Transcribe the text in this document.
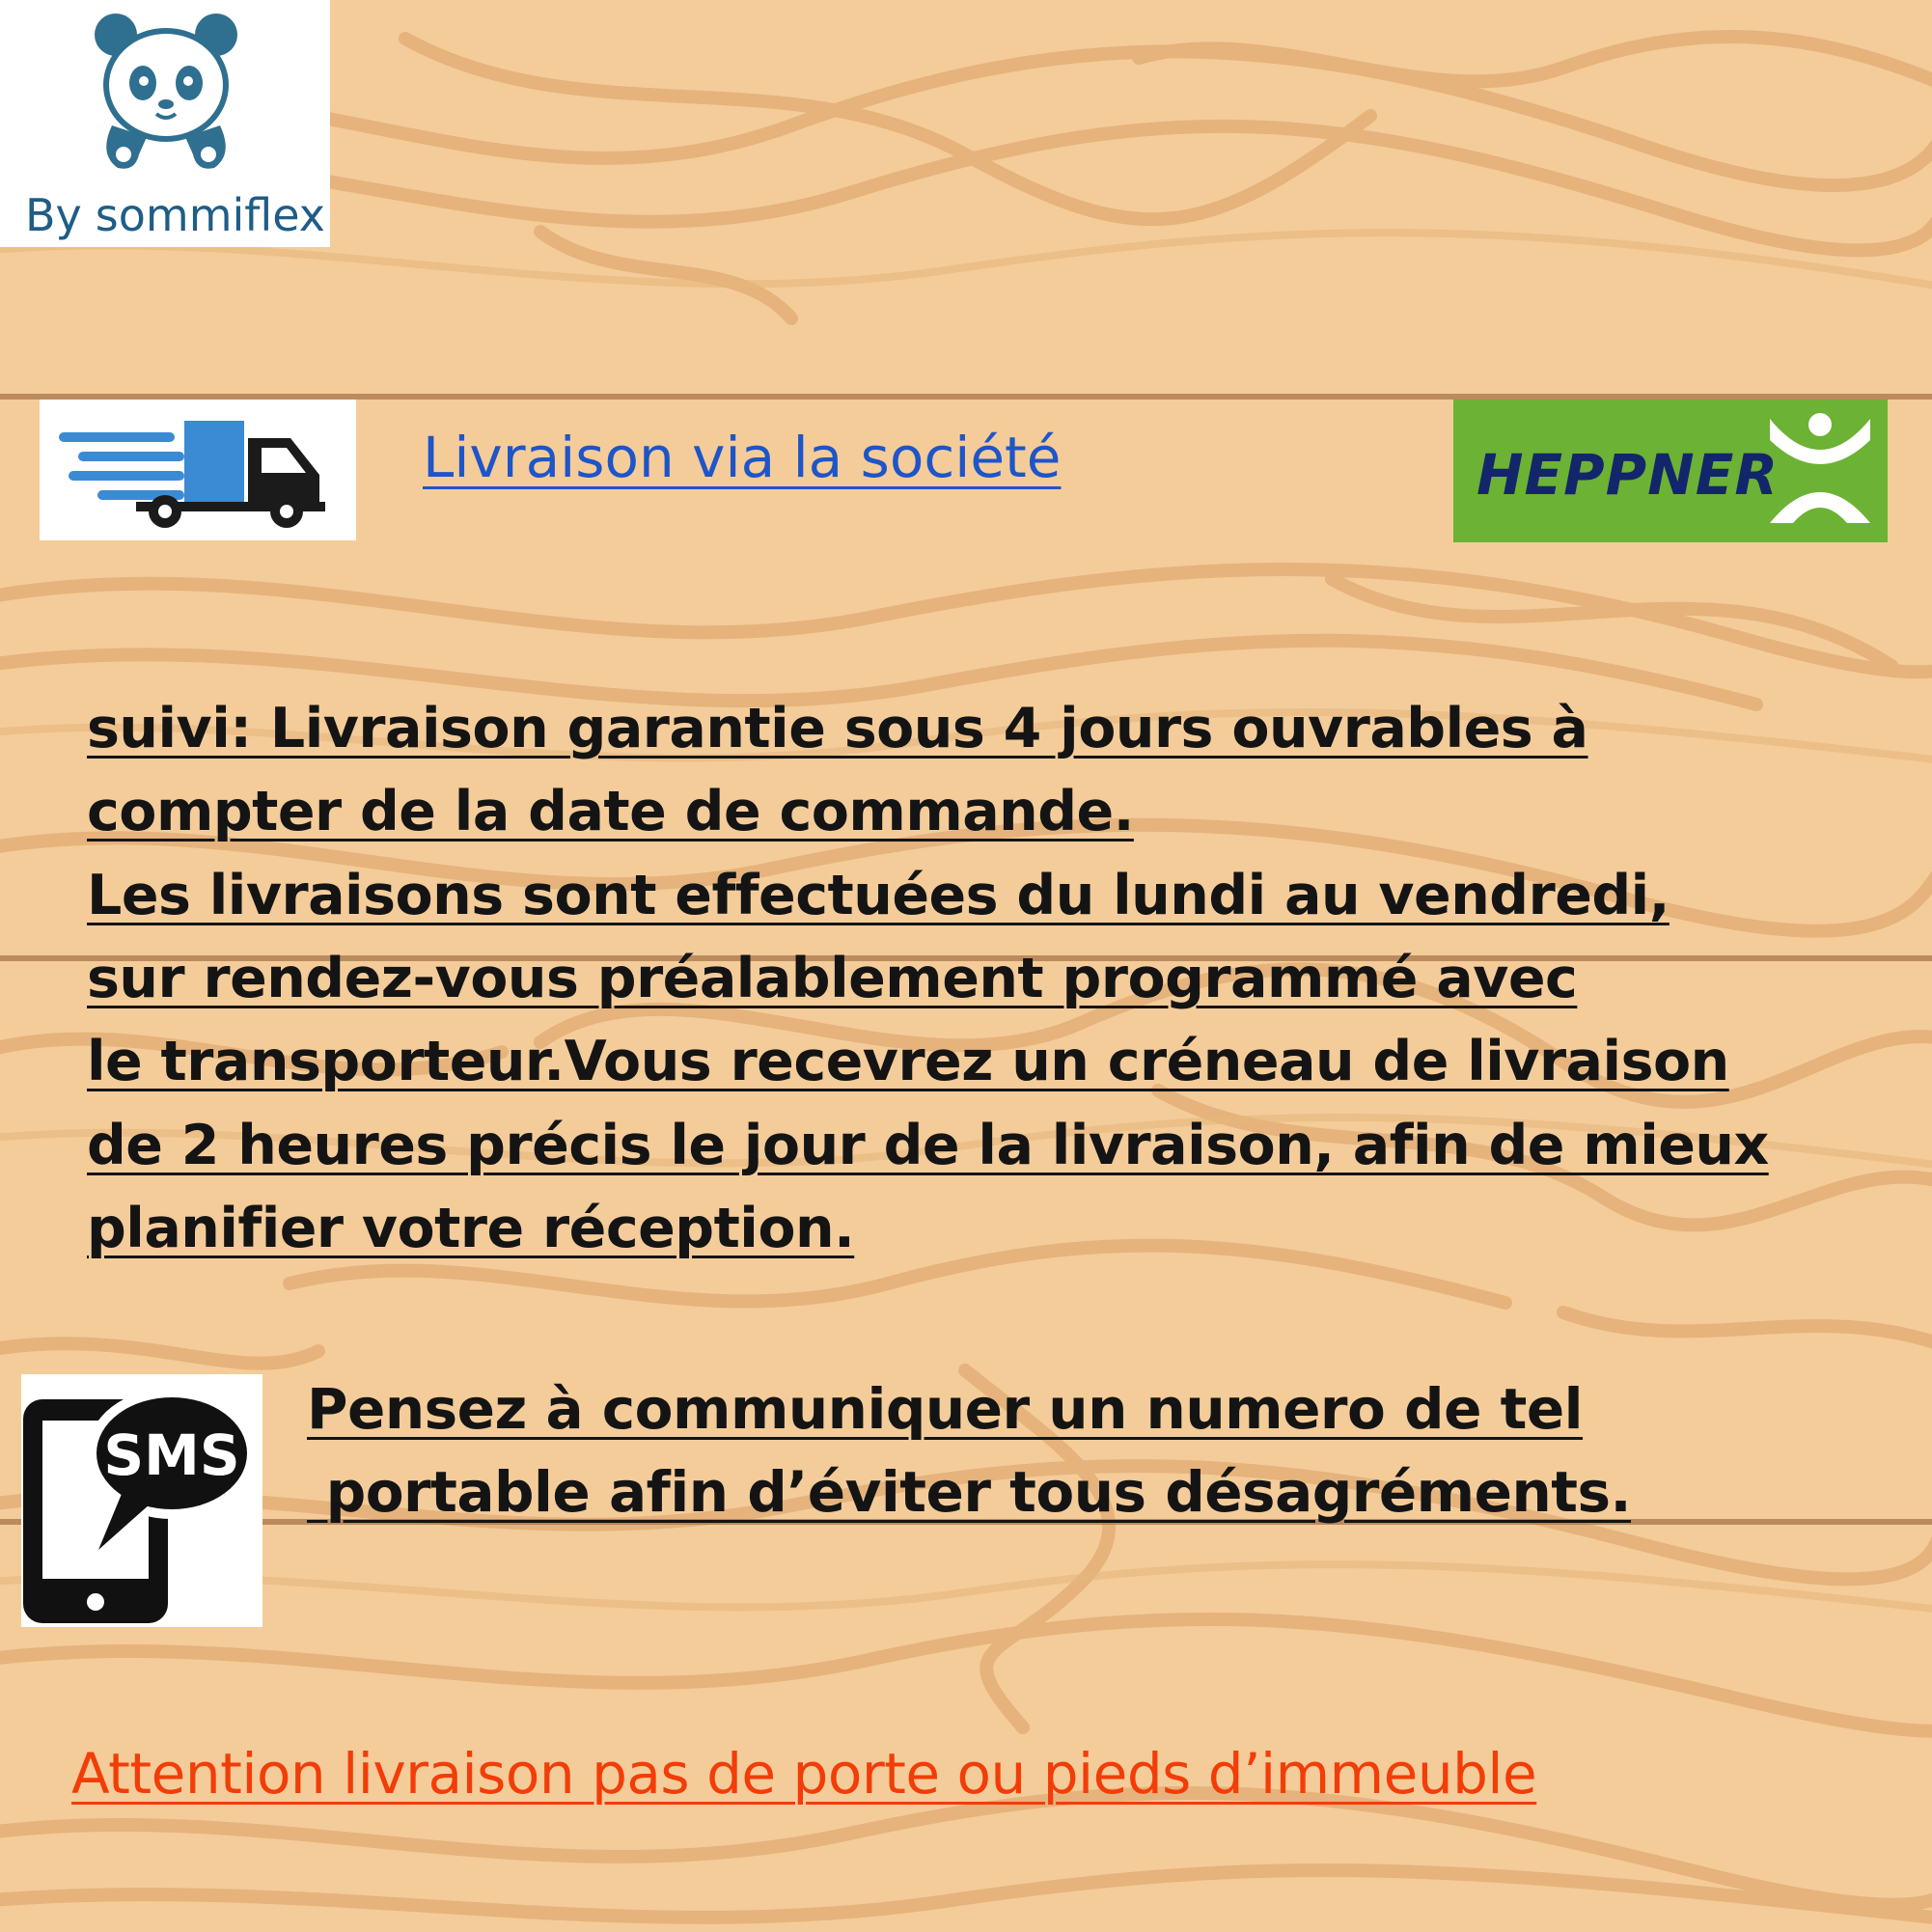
By sommiflex
Livraison via la société	HEPPNER
suivi: Livraison garantie sous 4 jours ouvrables à
compter de la date de commande.
Les livraisons sont effectuées du lundi au vendredi,
sur rendez-vous préalablement programmé avec
le transporteur.Vous recevrez un créneau de livraison
de 2 heures précis le jour de la livraison, afin de mieux
planifier votre réception.
SMS
Pensez à communiquer un numero de tel
portable afin d’éviter tous désagréments.
Attention livraison pas de porte ou pieds d’immeuble
